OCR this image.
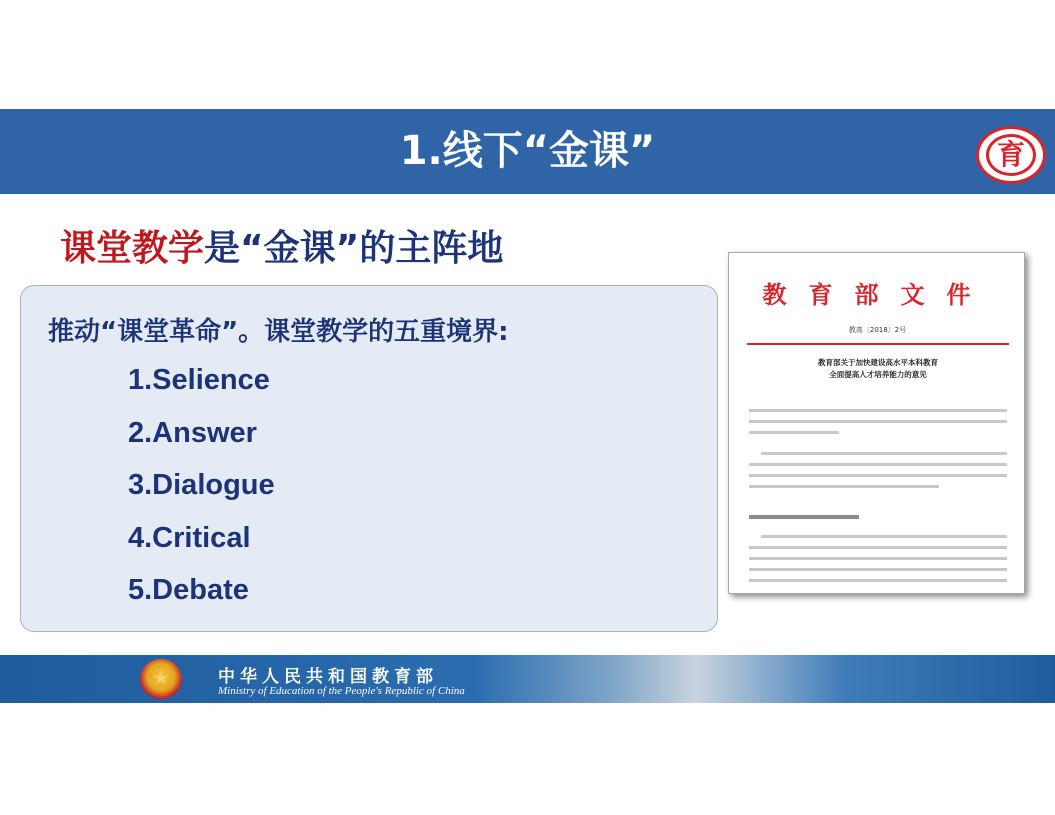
1.线下“金课”	育
课堂教学是“金课”的主阵地
推动“课堂革命”。课堂教学的五重境界:
1.Selience
2.Answer
3.Dialogue
4.Critical
5.Debate
教育部文件
教高〔2018〕2号
教育部关于加快建设高水平本科教育
全面提高人才培养能力的意见
★	中华人民共和国教育部
Ministry of Education of the People's Republic of China
